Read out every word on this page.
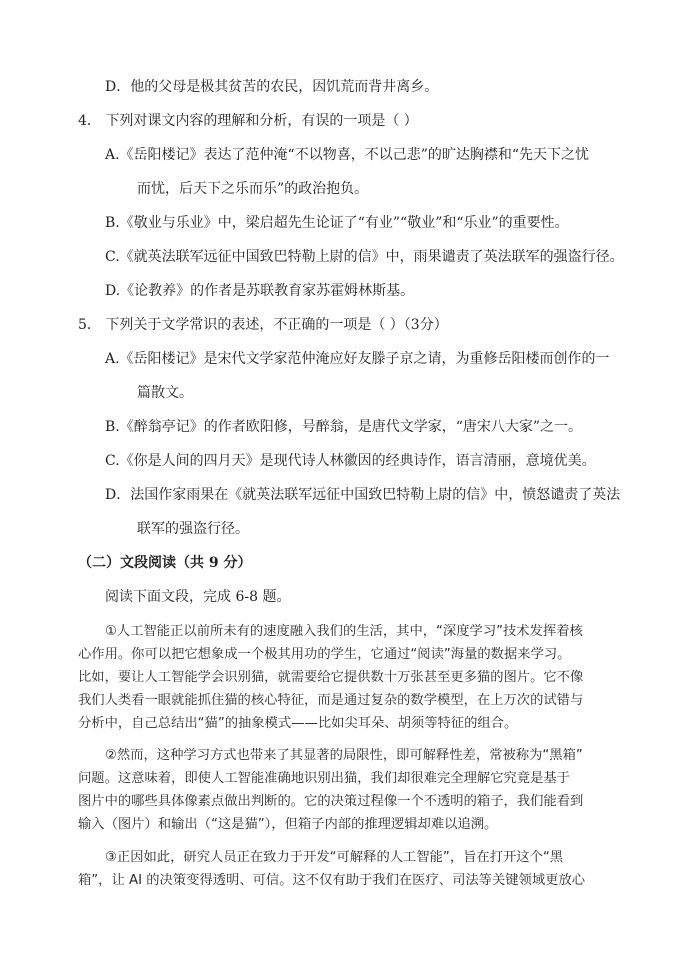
D．他的父母是极其贫苦的农民，因饥荒而背井离乡。
4． 下列对课文内容的理解和分析，有误的一项是（ ）
A.《岳阳楼记》表达了范仲淹“不以物喜，不以己悲”的旷达胸襟和“先天下之忧
而忧，后天下之乐而乐”的政治抱负。
B.《敬业与乐业》中，梁启超先生论证了“有业”“敬业”和“乐业”的重要性。
C.《就英法联军远征中国致巴特勒上尉的信》中，雨果谴责了英法联军的强盗行径。
D.《论教养》的作者是苏联教育家苏霍姆林斯基。
5． 下列关于文学常识的表述，不正确的一项是（ ）（3分）
A.《岳阳楼记》是宋代文学家范仲淹应好友滕子京之请，为重修岳阳楼而创作的一
篇散文。
B.《醉翁亭记》的作者欧阳修，号醉翁，是唐代文学家，“唐宋八大家”之一。
C.《你是人间的四月天》是现代诗人林徽因的经典诗作，语言清丽，意境优美。
D．法国作家雨果在《就英法联军远征中国致巴特勒上尉的信》中，愤怒谴责了英法
联军的强盗行径。
（二）文段阅读（共 9 分）
阅读下面文段，完成 6-8 题。
①人工智能正以前所未有的速度融入我们的生活，其中，“深度学习”技术发挥着核
心作用。你可以把它想象成一个极其用功的学生，它通过“阅读”海量的数据来学习。
比如，要让人工智能学会识别猫，就需要给它提供数十万张甚至更多猫的图片。它不像
我们人类看一眼就能抓住猫的核心特征，而是通过复杂的数学模型，在上万次的试错与
分析中，自己总结出“猫”的抽象模式——比如尖耳朵、胡须等特征的组合。
②然而，这种学习方式也带来了其显著的局限性，即可解释性差，常被称为“黑箱”
问题。这意味着，即使人工智能准确地识别出猫，我们却很难完全理解它究竟是基于
图片中的哪些具体像素点做出判断的。它的决策过程像一个不透明的箱子，我们能看到
输入（图片）和输出（“这是猫”），但箱子内部的推理逻辑却难以追溯。
③正因如此，研究人员正在致力于开发“可解释的人工智能”，旨在打开这个“黑
箱”，让 AI 的决策变得透明、可信。这不仅有助于我们在医疗、司法等关键领域更放心
